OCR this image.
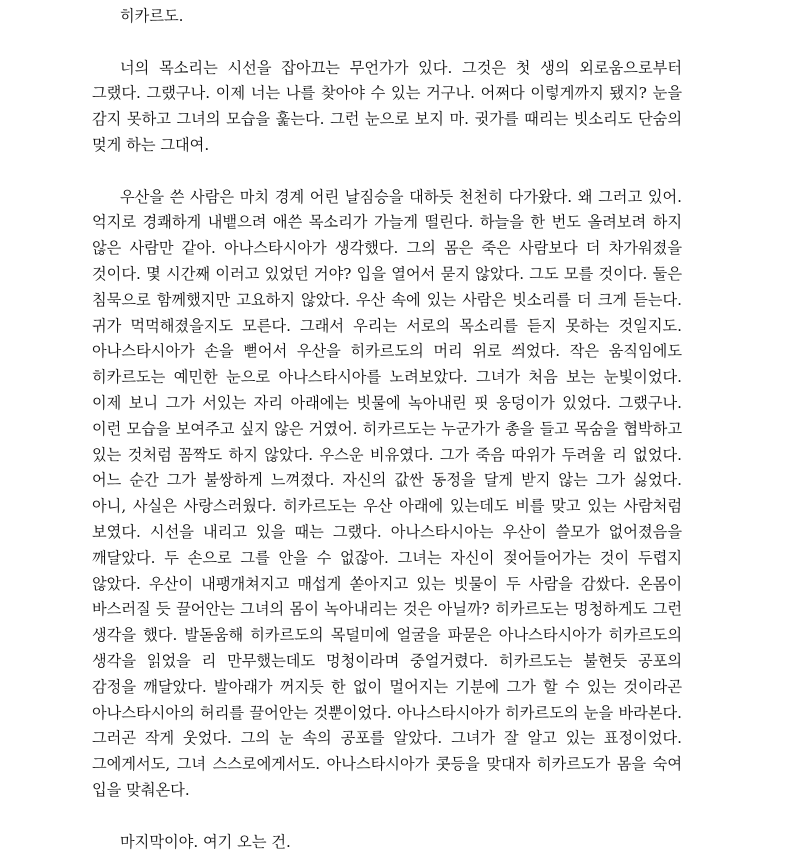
히카르도.

너의 목소리는 시선을 잡아끄는 무언가가 있다. 그것은 첫 생의 외로움으로부터 그랬다. 그랬구나. 이제 너는 나를 찾아야 수 있는 거구나. 어쩌다 이렇게까지 됐지? 눈을 감지 못하고 그녀의 모습을 훑는다. 그런 눈으로 보지 마. 귓가를 때리는 빗소리도 단숨의 멎게 하는 그대여.

우산을 쓴 사람은 마치 경계 어린 날짐승을 대하듯 천천히 다가왔다. 왜 그러고 있어. 억지로 경쾌하게 내뱉으려 애쓴 목소리가 가늘게 떨린다. 하늘을 한 번도 올려보려 하지 않은 사람만 같아. 아나스타시아가 생각했다. 그의 몸은 죽은 사람보다 더 차가워졌을 것이다. 몇 시간째 이러고 있었던 거야? 입을 열어서 묻지 않았다. 그도 모를 것이다. 둘은 침묵으로 함께했지만 고요하지 않았다. 우산 속에 있는 사람은 빗소리를 더 크게 듣는다. 귀가 먹먹해졌을지도 모른다. 그래서 우리는 서로의 목소리를 듣지 못하는 것일지도. 아나스타시아가 손을 뻗어서 우산을 히카르도의 머리 위로 씌었다. 작은 움직임에도 히카르도는 예민한 눈으로 아나스타시아를 노려보았다. 그녀가 처음 보는 눈빛이었다. 이제 보니 그가 서있는 자리 아래에는 빗물에 녹아내린 핏 웅덩이가 있었다. 그랬구나. 이런 모습을 보여주고 싶지 않은 거였어. 히카르도는 누군가가 총을 들고 목숨을 협박하고 있는 것처럼 꼼짝도 하지 않았다. 우스운 비유였다. 그가 죽음 따위가 두려울 리 없었다. 어느 순간 그가 불쌍하게 느껴졌다. 자신의 값싼 동정을 달게 받지 않는 그가 싫었다. 아니, 사실은 사랑스러웠다. 히카르도는 우산 아래에 있는데도 비를 맞고 있는 사람처럼 보였다. 시선을 내리고 있을 때는 그랬다. 아나스타시아는 우산이 쓸모가 없어졌음을 깨달았다. 두 손으로 그를 안을 수 없잖아. 그녀는 자신이 젖어들어가는 것이 두렵지 않았다. 우산이 내팽개쳐지고 매섭게 쏟아지고 있는 빗물이 두 사람을 감쌌다. 온몸이 바스러질 듯 끌어안는 그녀의 몸이 녹아내리는 것은 아닐까? 히카르도는 멍청하게도 그런 생각을 했다. 발돋움해 히카르도의 목덜미에 얼굴을 파묻은 아나스타시아가 히카르도의 생각을 읽었을 리 만무했는데도 멍청이라며 중얼거렸다. 히카르도는 불현듯 공포의 감정을 깨달았다. 발아래가 꺼지듯 한 없이 멀어지는 기분에 그가 할 수 있는 것이라곤 아나스타시아의 허리를 끌어안는 것뿐이었다. 아나스타시아가 히카르도의 눈을 바라본다. 그러곤 작게 웃었다. 그의 눈 속의 공포를 알았다. 그녀가 잘 알고 있는 표정이었다. 그에게서도, 그녀 스스로에게서도. 아나스타시아가 콧등을 맞대자 히카르도가 몸을 숙여 입을 맞춰온다.

마지막이야. 여기 오는 건.
